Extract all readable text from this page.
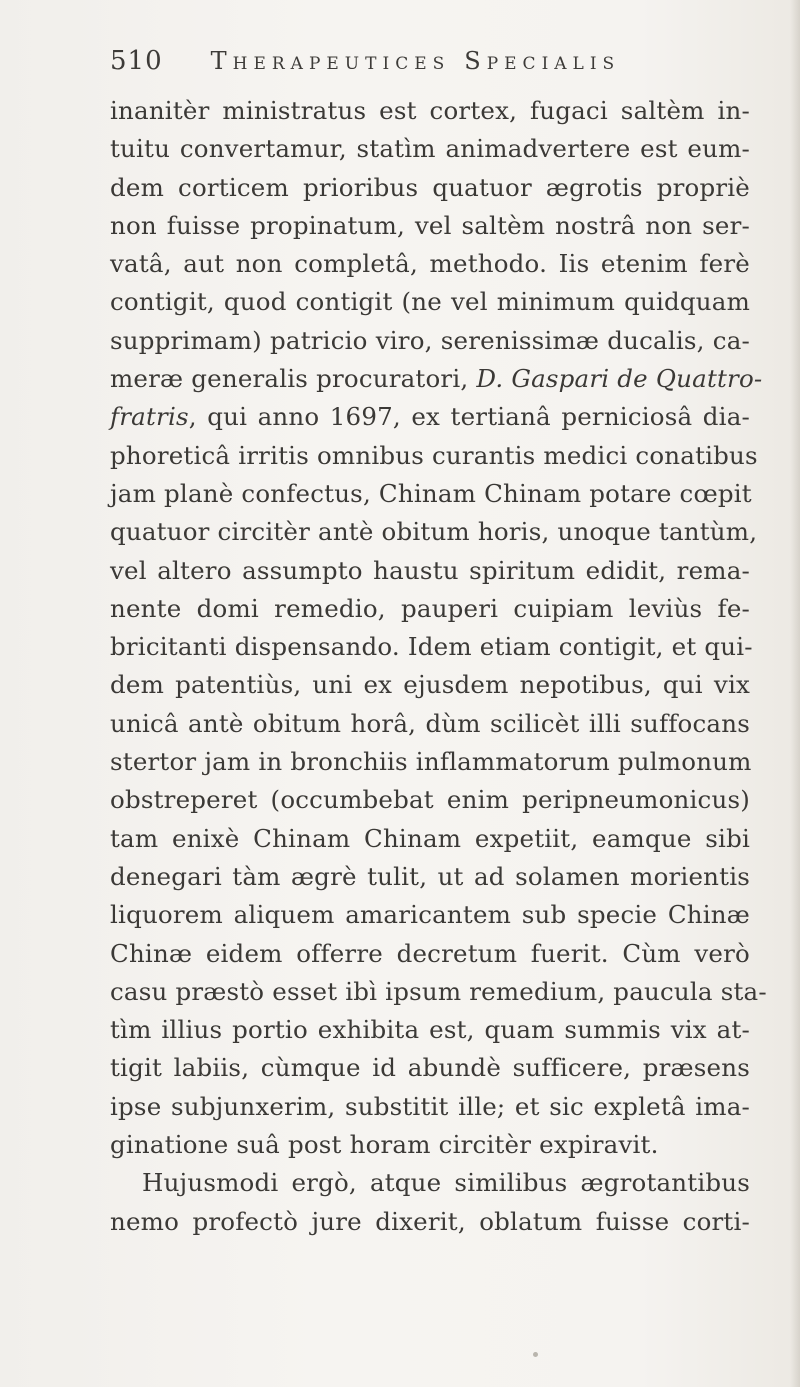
510 Therapeutices Specialis
inanitèr ministratus est cortex, fugaci saltèm in-
tuitu convertamur, statìm animadvertere est eum-
dem corticem prioribus quatuor ægrotis propriè
non fuisse propinatum, vel saltèm nostrâ non ser-
vatâ, aut non completâ, methodo. Iis etenim ferè
contigit, quod contigit (ne vel minimum quidquam
supprimam) patricio viro, serenissimæ ducalis, ca-
meræ generalis procuratori, D. Gaspari de Quattro-
fratris, qui anno 1697, ex tertianâ perniciosâ dia-
phoreticâ irritis omnibus curantis medici conatibus
jam planè confectus, Chinam Chinam potare cœpit
quatuor circitèr antè obitum horis, unoque tantùm,
vel altero assumpto haustu spiritum edidit, rema-
nente domi remedio, pauperi cuipiam leviùs fe-
bricitanti dispensando. Idem etiam contigit, et qui-
dem patentiùs, uni ex ejusdem nepotibus, qui vix
unicâ antè obitum horâ, dùm scilicèt illi suffocans
stertor jam in bronchiis inflammatorum pulmonum
obstreperet (occumbebat enim peripneumonicus)
tam enixè Chinam Chinam expetiit, eamque sibi
denegari tàm ægrè tulit, ut ad solamen morientis
liquorem aliquem amaricantem sub specie Chinæ
Chinæ eidem offerre decretum fuerit. Cùm verò
casu præstò esset ibì ipsum remedium, paucula sta-
tìm illius portio exhibita est, quam summis vix at-
tigit labiis, cùmque id abundè sufficere, præsens
ipse subjunxerim, substitit ille; et sic expletâ ima-
ginatione suâ post horam circitèr expiravit.
Hujusmodi ergò, atque similibus ægrotantibus
nemo profectò jure dixerit, oblatum fuisse corti-
